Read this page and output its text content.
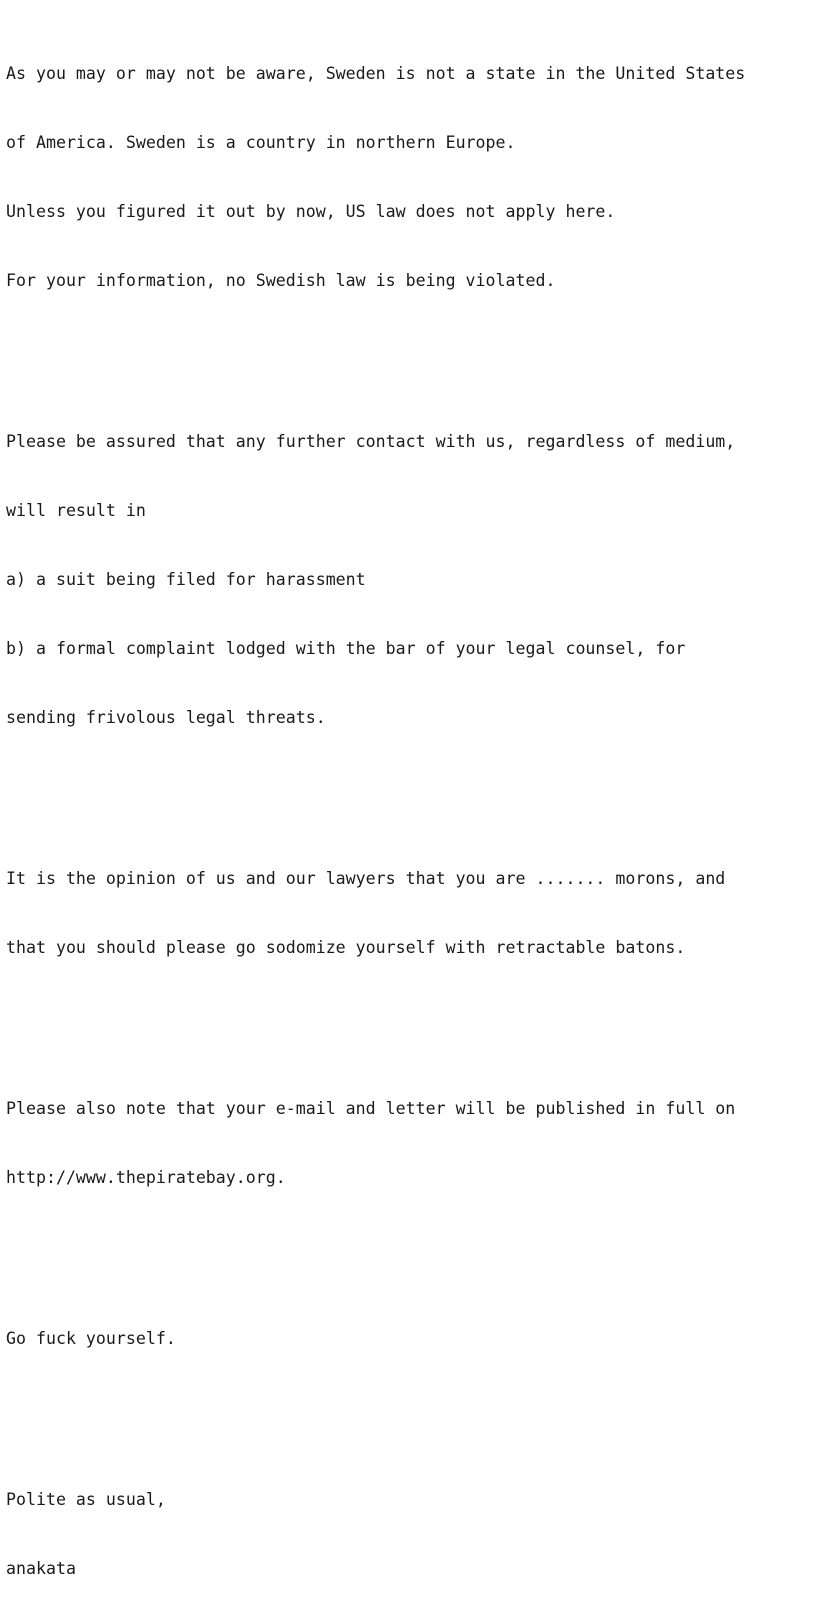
As you may or may not be aware, Sweden is not a state in the United States

of America. Sweden is a country in northern Europe.

Unless you figured it out by now, US law does not apply here.

For your information, no Swedish law is being violated.

Please be assured that any further contact with us, regardless of medium,

will result in

a) a suit being filed for harassment

b) a formal complaint lodged with the bar of your legal counsel, for

sending frivolous legal threats.

It is the opinion of us and our lawyers that you are ....... morons, and

that you should please go sodomize yourself with retractable batons.

Please also note that your e-mail and letter will be published in full on

http://www.thepiratebay.org.

Go fuck yourself.

Polite as usual,

anakata
